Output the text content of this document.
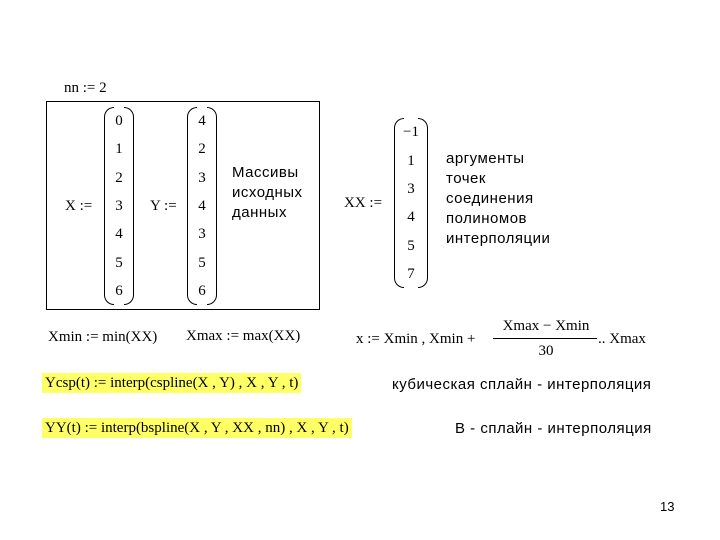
nn := 2
X :=
0
1
2
3
4
5
6
Y :=
4
2
3
4
3
5
6
Массивы
исходных
данных
XX :=
−1
1
3
4
5
7
аргументы
точек
соединения
полиномов
интерполяции
Xmin := min(XX) Xmax := max(XX)	x := Xmin , Xmin +
Xmax − Xmin
30
.. Xmax
Ycsp(t) := interp(cspline(X , Y) , X , Y , t)	кубическая сплайн - интерполяция
YY(t) := interp(bspline(X , Y , XX , nn) , X , Y , t)	В - сплайн - интерполяция
13
